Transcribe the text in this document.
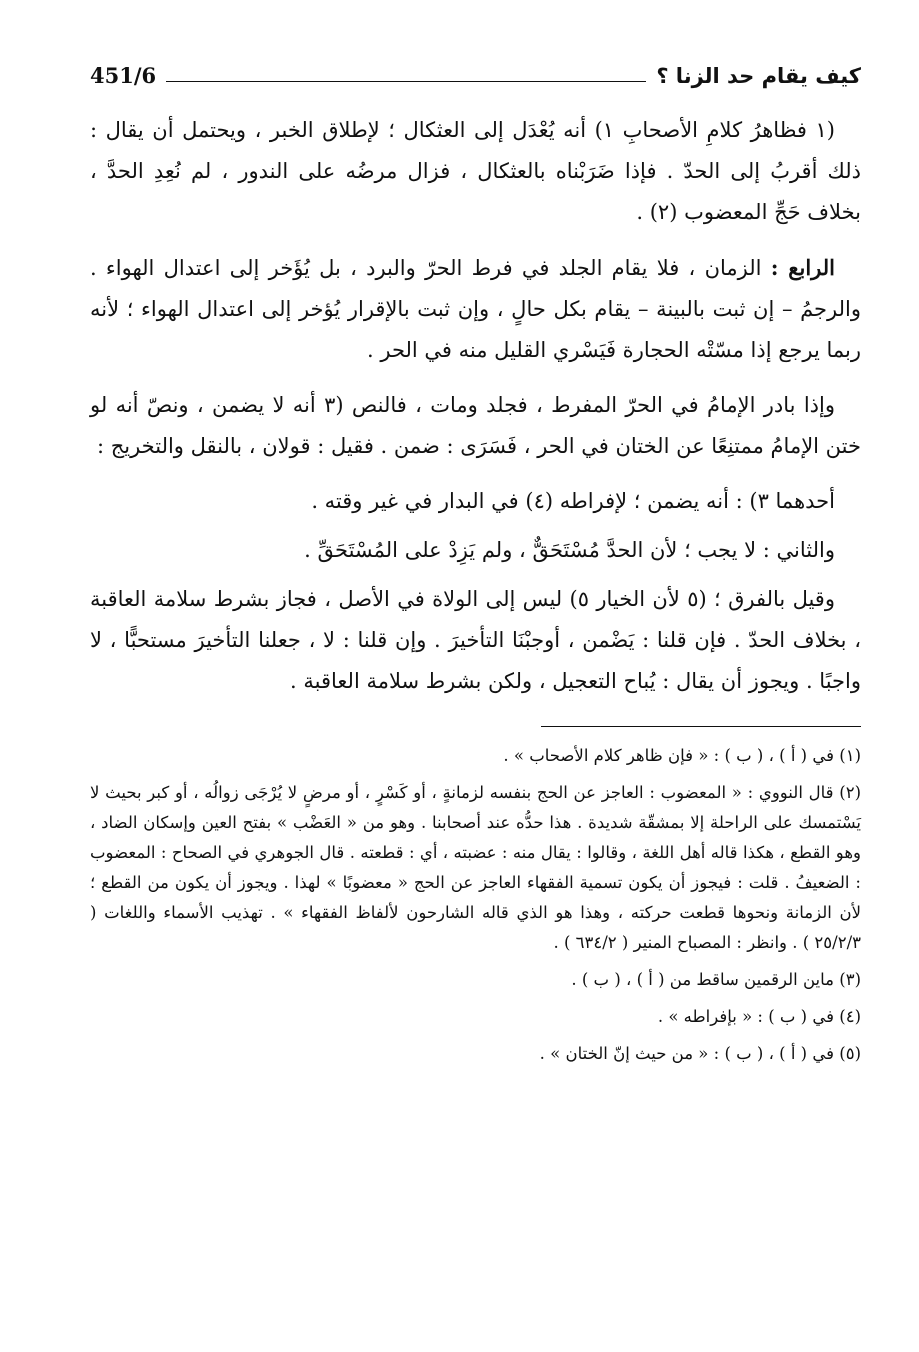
كيف يقام حد الزنا ؟
451/6

(١ فظاهرُ كلامِ الأصحابِ ١) أنه يُعْدَل إلى العثكال ؛ لإطلاق الخبر ، ويحتمل أن يقال : ذلك أقربُ إلى الحدّ . فإذا ضَرَبْناه بالعثكال ، فزال مرضُه على الندور ، لم نُعِدِ الحدَّ ، بخلاف حَجِّ المعضوب (٢) .

الرابع : الزمان ، فلا يقام الجلد في فرط الحرّ والبرد ، بل يُؤَخر إلى اعتدال الهواء . والرجمُ – إن ثبت بالبينة – يقام بكل حالٍ ، وإن ثبت بالإقرار يُؤخر إلى اعتدال الهواء ؛ لأنه ربما يرجع إذا مسّتْه الحجارة فَيَسْري القليل منه في الحر .

وإذا بادر الإمامُ في الحرّ المفرط ، فجلد ومات ، فالنص (٣ أنه لا يضمن ، ونصّ أنه لو ختن الإمامُ ممتنِعًا عن الختان في الحر ، فَسَرَى : ضمن . فقيل : قولان ، بالنقل والتخريج :

أحدهما ٣) : أنه يضمن ؛ لإفراطه (٤) في البدار في غير وقته .

والثاني : لا يجب ؛ لأن الحدَّ مُسْتَحَقٌّ ، ولم يَزِدْ على المُسْتَحَقِّ .

وقيل بالفرق ؛ (٥ لأن الخيار ٥) ليس إلى الولاة في الأصل ، فجاز بشرط سلامة العاقبة ، بخلاف الحدّ . فإن قلنا : يَضْمن ، أوجبْنَا التأخيرَ . وإن قلنا : لا ، جعلنا التأخيرَ مستحبًّا ، لا واجبًا . ويجوز أن يقال : يُباح التعجيل ، ولكن بشرط سلامة العاقبة .

(١) في ( أ ) ، ( ب ) : « فإن ظاهر كلام الأصحاب » .

(٢) قال النووي : « المعضوب : العاجز عن الحج بنفسه لزمانةٍ ، أو كَسْرٍ ، أو مرضٍ لا يُرْجَى زوالُه ، أو كبر بحيث لا يَسْتمسك على الراحلة إلا بمشقّة شديدة . هذا حدُّه عند أصحابنا . وهو من « العَضْب » بفتح العين وإسكان الضاد ، وهو القطع ، هكذا قاله أهل اللغة ، وقالوا : يقال منه : عضبته ، أي : قطعته . قال الجوهري في الصحاح : المعضوب : الضعيفُ . قلت : فيجوز أن يكون تسمية الفقهاء العاجز عن الحج « معضوبًا » لهذا . ويجوز أن يكون من القطع ؛ لأن الزمانة ونحوها قطعت حركته ، وهذا هو الذي قاله الشارحون لألفاظ الفقهاء » . تهذيب الأسماء واللغات ( ٢٥/٢/٣ ) . وانظر : المصباح المنير ( ٦٣٤/٢ ) .

(٣) ماين الرقمين ساقط من ( أ ) ، ( ب ) .

(٤) في ( ب ) : « بإفراطه » .

(٥) في ( أ ) ، ( ب ) : « من حيث إنّ الختان » .
